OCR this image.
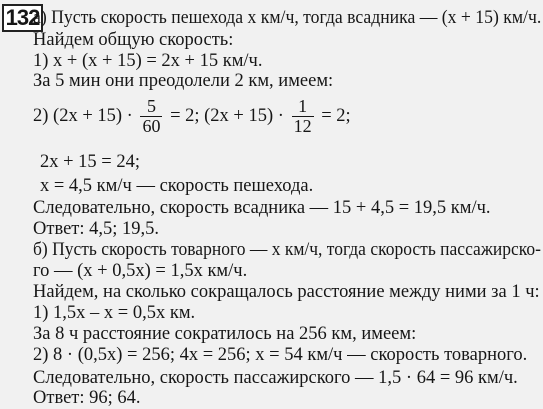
132
а) Пусть скорость пешехода x км/ч, тогда всадника — (x + 15) км/ч.
Найдем общую скорость:
1) x + (x + 15) = 2x + 15 км/ч.
За 5 мин они преодолели 2 км, имеем:
2) $(2x + 15) \cdot \frac{5}{60} = 2$; $(2x + 15) \cdot \frac{1}{12} = 2$;
2x + 15 = 24;
x = 4,5 км/ч — скорость пешехода.
Следовательно, скорость всадника — 15 + 4,5 = 19,5 км/ч.
Ответ: 4,5; 19,5.
б) Пусть скорость товарного — x км/ч, тогда скорость пассажирско-
го — (x + 0,5x) = 1,5x км/ч.
Найдем, на сколько сокращалось расстояние между ними за 1 ч:
1) 1,5x – x = 0,5x км.
За 8 ч расстояние сократилось на 256 км, имеем:
2) 8 · (0,5x) = 256; 4x = 256; x = 54 км/ч — скорость товарного.
Следовательно, скорость пассажирского — 1,5 · 64 = 96 км/ч.
Ответ: 96; 64.
